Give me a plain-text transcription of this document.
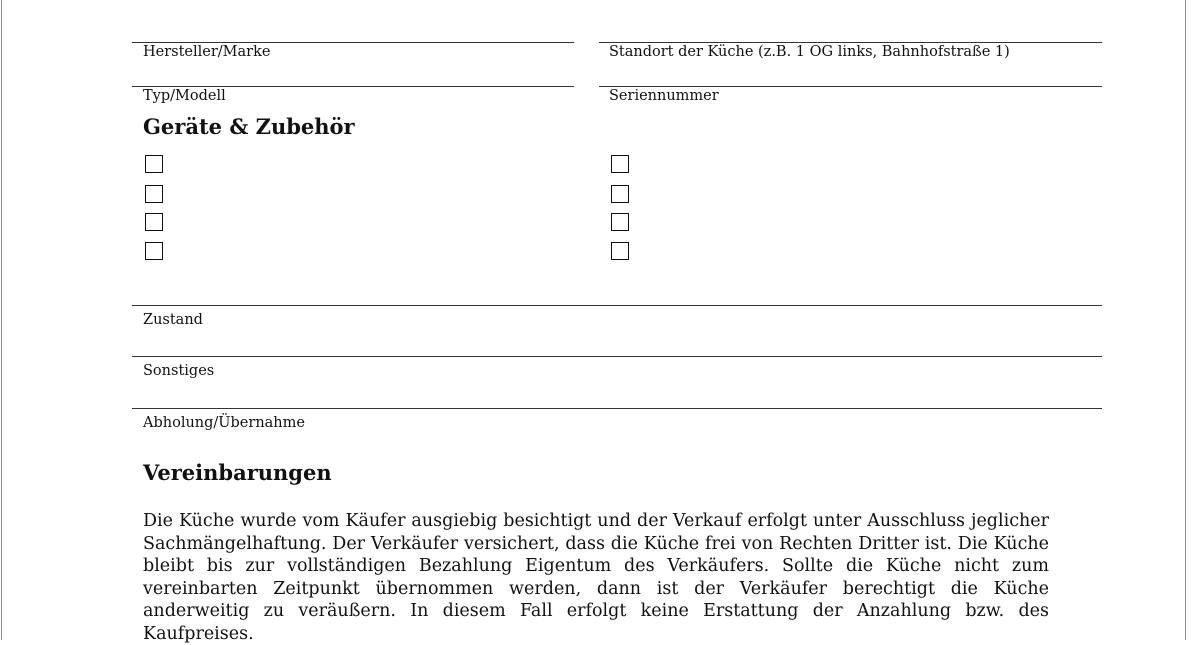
Hersteller/Marke	Standort der Küche (z.B. 1 OG links, Bahnhofstraße 1)
Typ/Modell	Seriennummer
Geräte & Zubehör
Zustand
Sonstiges
Abholung/Übernahme
Vereinbarungen

Die Küche wurde vom Käufer ausgiebig besichtigt und der Verkauf erfolgt unter Ausschluss jeglicher Sachmängelhaftung. Der Verkäufer versichert, dass die Küche frei von Rechten Dritter ist. Die Küche bleibt bis zur vollständigen Bezahlung Eigentum des Verkäufers. Sollte die Küche nicht zum vereinbarten Zeitpunkt übernommen werden, dann ist der Verkäufer berechtigt die Küche anderweitig zu veräußern. In diesem Fall erfolgt keine Erstattung der Anzahlung bzw. des Kaufpreises.
